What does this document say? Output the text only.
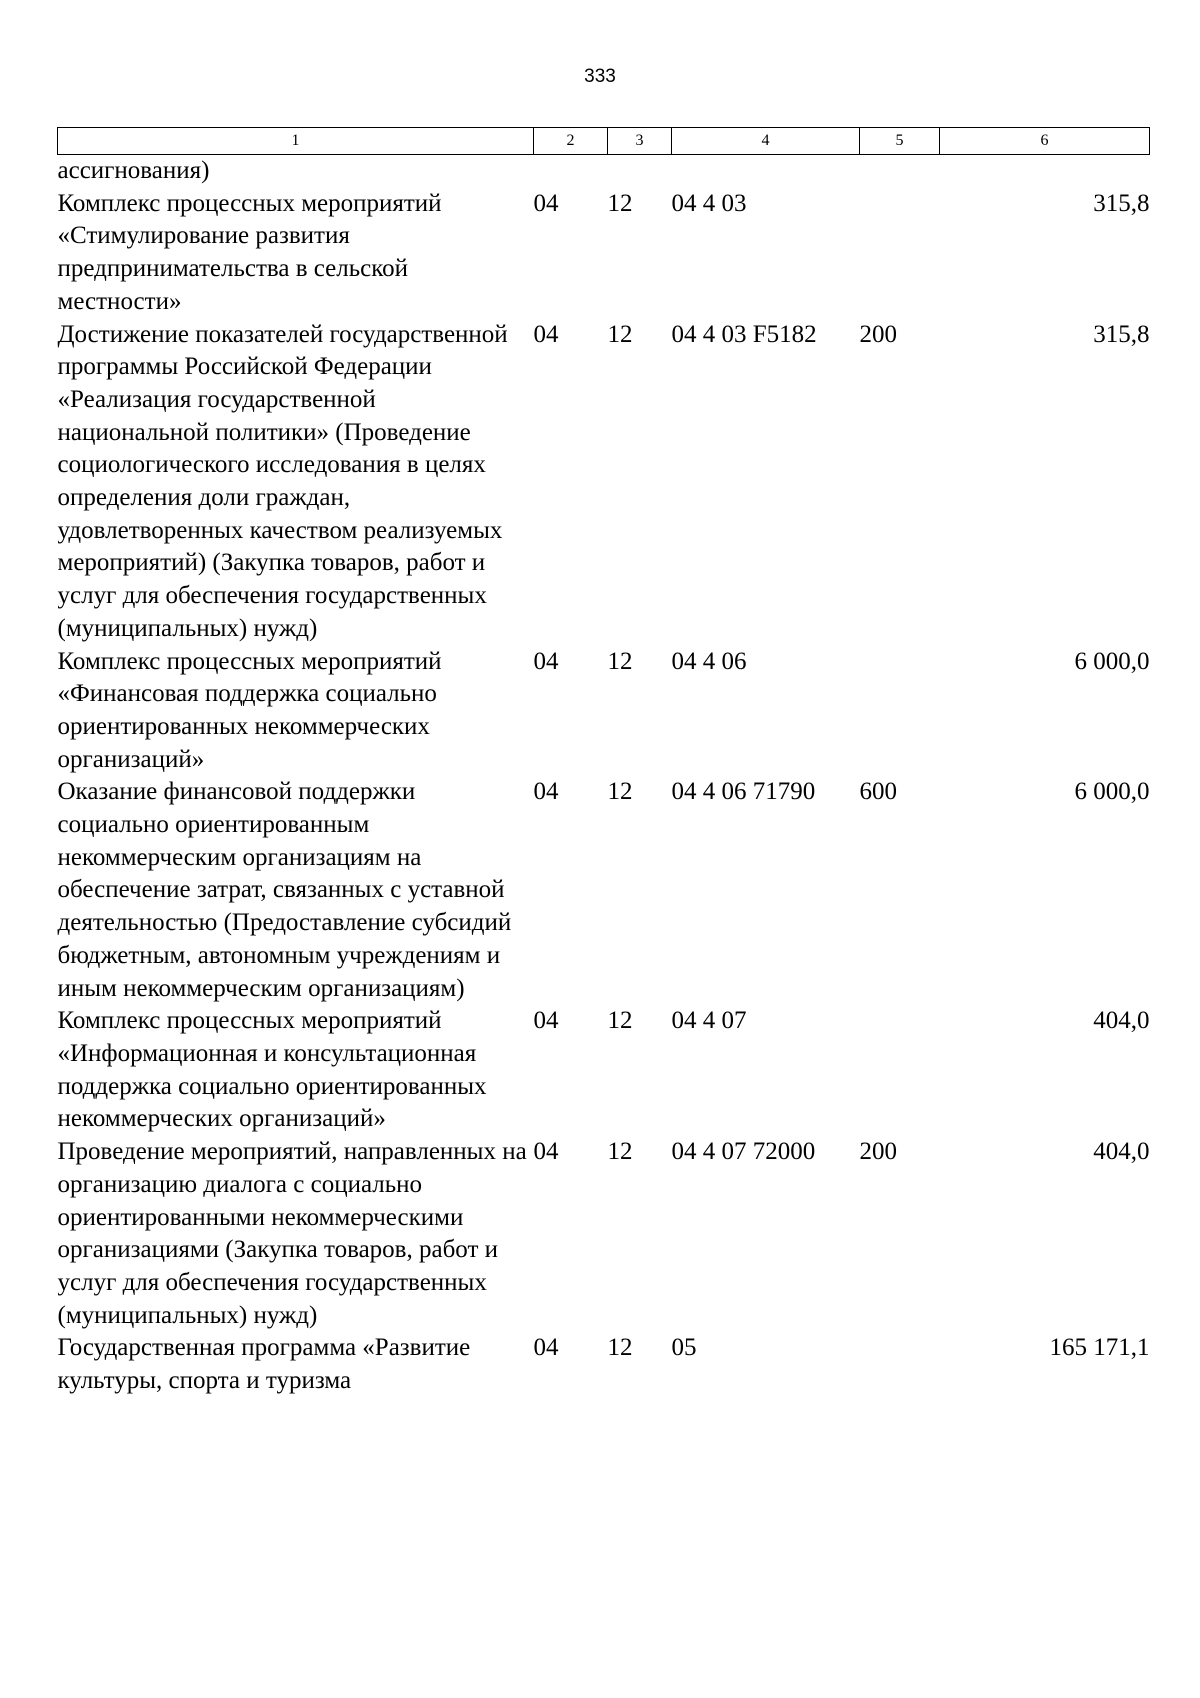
333
1	2	3	4	5	6
ассигнования)					
Комплекс процессных мероприятий «Стимулирование развития предпринимательства в сельской местности»	04	12	04 4 03		315,8
Достижение показателей государственной программы Российской Федерации «Реализация государственной национальной политики» (Проведение социологического исследования в целях определения доли граждан, удовлетворенных качеством реализуемых мероприятий) (Закупка товаров, работ и услуг для обеспечения государственных (муниципальных) нужд)	04	12	04 4 03 F5182	200	315,8
Комплекс процессных мероприятий «Финансовая поддержка социально ориентированных некоммерческих организаций»	04	12	04 4 06		6 000,0
Оказание финансовой поддержки социально ориентированным некоммерческим организациям на обеспечение затрат, связанных с уставной деятельностью (Предоставление субсидий бюджетным, автономным учреждениям и иным некоммерческим организациям)	04	12	04 4 06 71790	600	6 000,0
Комплекс процессных мероприятий «Информационная и консультационная поддержка социально ориентированных некоммерческих организаций»	04	12	04 4 07		404,0
Проведение мероприятий, направленных на организацию диалога с социально ориентированными некоммерческими организациями (Закупка товаров, работ и услуг для обеспечения государственных (муниципальных) нужд)	04	12	04 4 07 72000	200	404,0
Государственная программа «Развитие культуры, спорта и туризма	04	12	05		165 171,1
